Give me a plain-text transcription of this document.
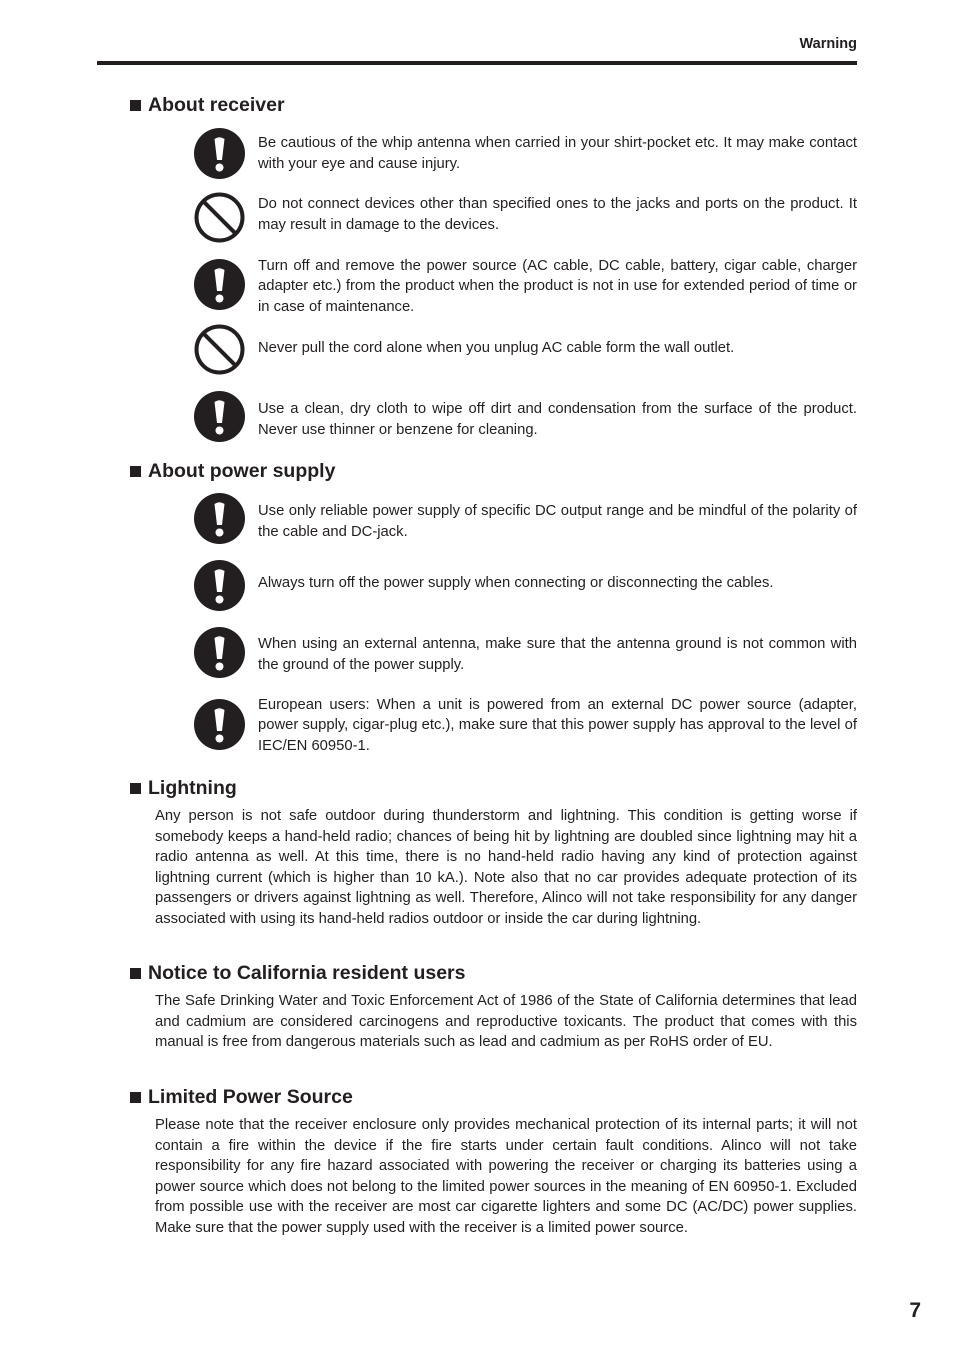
Warning
About receiver
Be cautious of the whip antenna when carried in your shirt-pocket etc. It may make contact with your eye and cause injury.
Do not connect devices other than specified ones to the jacks and ports on the product. It may result in damage to the devices.
Turn off and remove the power source (AC cable, DC cable, battery, cigar cable, charger adapter etc.) from the product when the product is not in use for extended period of time or in case of maintenance.
Never pull the cord alone when you unplug AC cable form the wall outlet.
Use a clean, dry cloth to wipe off dirt and condensation from the surface of the product. Never use thinner or benzene for cleaning.
About power supply
Use only reliable power supply of specific DC output range and be mindful of the polarity of the cable and DC-jack.
Always turn off the power supply when connecting or disconnecting the cables.
When using an external antenna, make sure that the antenna ground is not common with the ground of the power supply.
European users: When a unit is powered from an external DC power source (adapter, power supply, cigar-plug etc.), make sure that this power supply has approval to the level of IEC/EN 60950-1.
Lightning

Any person is not safe outdoor during thunderstorm and lightning. This condition is getting worse if somebody keeps a hand-held radio; chances of being hit by lightning are doubled since lightning may hit a radio antenna as well. At this time, there is no hand-held radio having any kind of protection against lightning current (which is higher than 10 kA.). Note also that no car provides adequate protection of its passengers or drivers against lightning as well. Therefore, Alinco will not take responsibility for any danger associated with using its hand-held radios outdoor or inside the car during lightning.

Notice to California resident users

The Safe Drinking Water and Toxic Enforcement Act of 1986 of the State of California determines that lead and cadmium are considered carcinogens and reproductive toxicants. The product that comes with this manual is free from dangerous materials such as lead and cadmium as per RoHS order of EU.

Limited Power Source

Please note that the receiver enclosure only provides mechanical protection of its internal parts; it will not contain a fire within the device if the fire starts under certain fault conditions. Alinco will not take responsibility for any fire hazard associated with powering the receiver or charging its batteries using a power source which does not belong to the limited power sources in the meaning of EN 60950-1. Excluded from possible use with the receiver are most car cigarette lighters and some DC (AC/DC) power supplies. Make sure that the power supply used with the receiver is a limited power source.

7
